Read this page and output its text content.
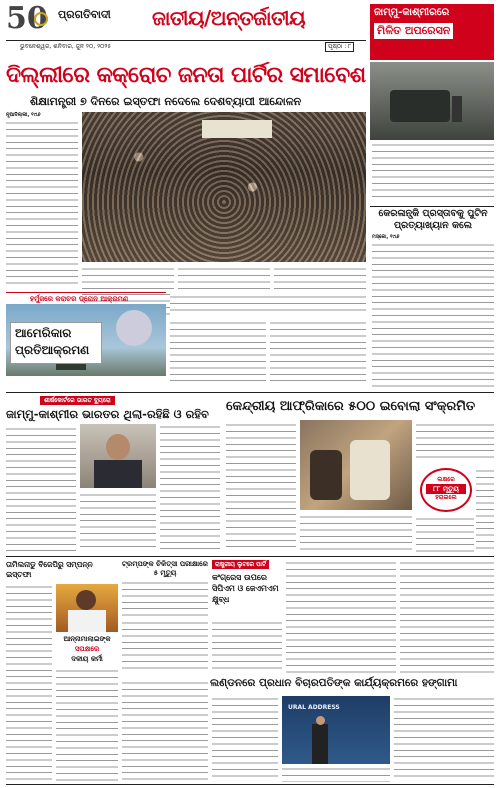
50 ପ୍ରଗତିବାଦୀ ଜାତୀୟ/ଅନ୍ତର୍ଜାତୀୟ	ଜାମ୍ମୁ-କାଶ୍ମୀରରେ
ମିଳିତ ଅପରେସନ
ଭୁବନେଶ୍ୱର, ଶନିବାର, ଜୁନ ୨୦, ୨୦୨୫	ପୃଷ୍ଠା : ୮
ଦିଲ୍ଲୀରେ କକ୍ରୋଚ ଜନତା ପାର୍ଟିର ସମାବେଶ
ଶିକ୍ଷାମନ୍ତ୍ରୀ ୭ ଦିନରେ ଇସ୍ତଫା ନଦେଲେ ଦେଶବ୍ୟାପୀ ଆନ୍ଦୋଳନ
ନୂଆଦିଲ୍ଲୀ, ୧୯ା୬
କେରଳାନ୍ସ୍କି ପ୍ରସ୍ତାବକୁ ପୁଟିନ ପ୍ରତ୍ୟାଖ୍ୟାନ କଲେ
ମସ୍କୋ, ୧୯ା୬
ହର୍ମୁଜରେ କରାଚର ଡ୍ରୋନ ଆକ୍ରମଣ
ଆମେରିକାର
ପ୍ରତିଆକ୍ରମଣ
ଶୀର୍ଷକୋର୍ଟରେ ଭାରତ ବ୍ୟୁରୋ
ଜାମ୍ମୁ-କାଶ୍ମୀର ଭାରତର ଥିଲା-ରହିଛି ଓ ରହିବ	କେନ୍ଦ୍ରୀୟ ଆଫ୍ରିକାରେ ୫୦୦ ଇବୋଲା ସଂକ୍ରମିତ
ଲକ୍ଷରେ
୮୮ ମୃତ୍ୟୁ
ହରାଇଲେ
ତାମିଲନାଡୁ ବିଜେପିରୁ ସମ୍ପନ୍ନ ଇସ୍ତଫା
ଆନ୍ନାମାଲାଇଙ୍କ
ସପକ୍ଷରେ
ଦଳୀୟ କର୍ମୀ
ଟ୍ରମ୍ପଙ୍କ ଚିକିତ୍ସା ପରୀକ୍ଷାରେ ୫ ମୃତ୍ୟୁ
ରାଷ୍ଟ୍ରୀୟ ଲୁଟରେ ପାର୍ଟି
କଂଗ୍ରେସ ଉପରେ ସିପିଏମ ଓ ଜେଏମଏମ କ୍ଷୁବ୍ଧ
ଲଣ୍ଡନରେ ପ୍ରଧାନ ବିଚାରପତିଙ୍କ କାର୍ଯ୍ୟକ୍ରମରେ ହଙ୍ଗାମା
URAL ADDRESS
